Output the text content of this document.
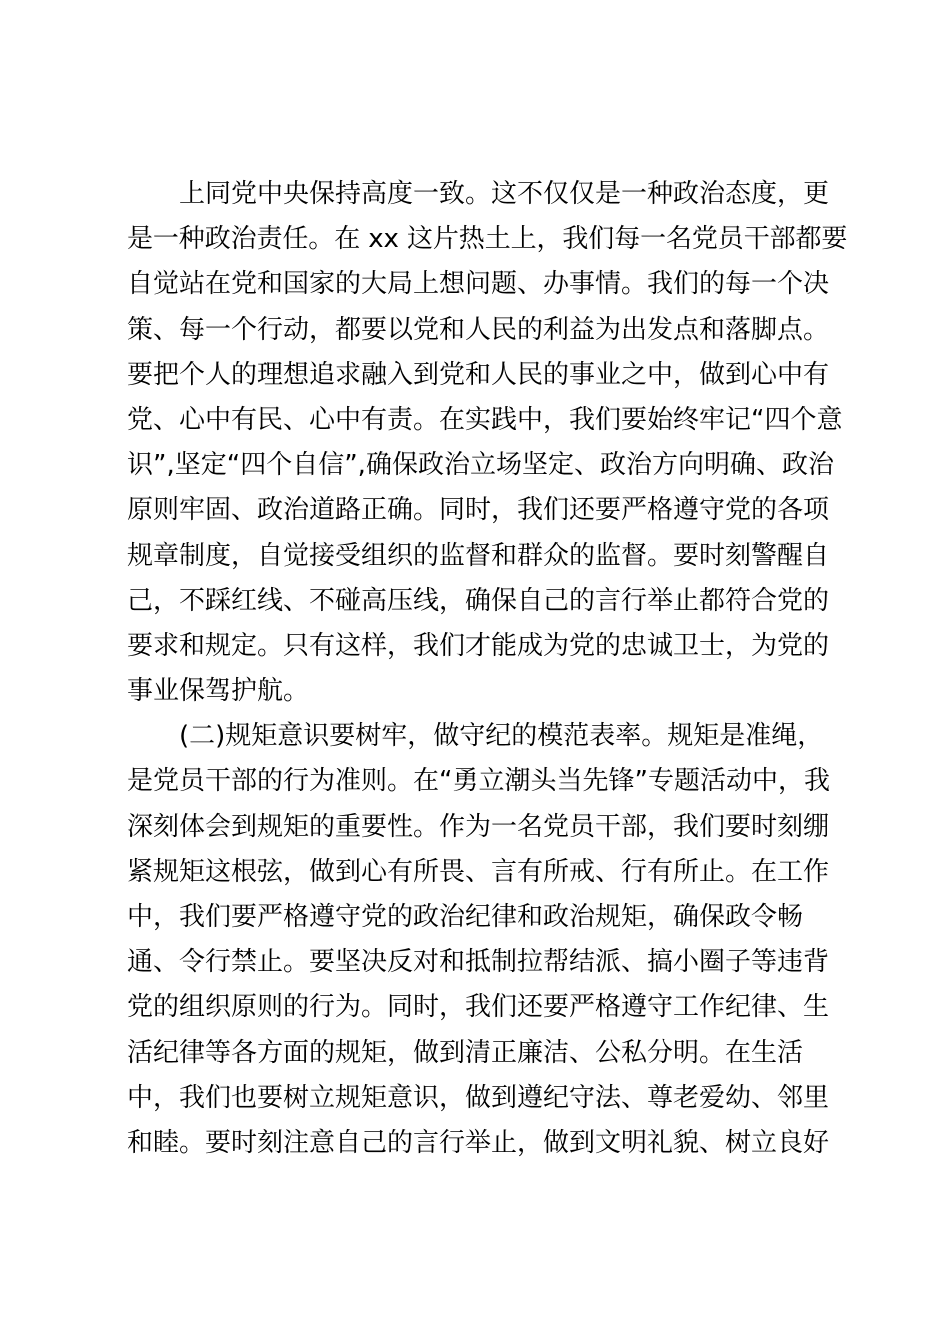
上同党中央保持高度一致。这不仅仅是一种政治态度，更
是一种政治责任。在 xx 这片热土上，我们每一名党员干部都要
自觉站在党和国家的大局上想问题、办事情。我们的每一个决
策、每一个行动，都要以党和人民的利益为出发点和落脚点。
要把个人的理想追求融入到党和人民的事业之中，做到心中有
党、心中有民、心中有责。在实践中，我们要始终牢记“四个意
识”,坚定“四个自信”,确保政治立场坚定、政治方向明确、政治
原则牢固、政治道路正确。同时，我们还要严格遵守党的各项
规章制度，自觉接受组织的监督和群众的监督。要时刻警醒自
己，不踩红线、不碰高压线，确保自己的言行举止都符合党的
要求和规定。只有这样，我们才能成为党的忠诚卫士，为党的
事业保驾护航。
(二)规矩意识要树牢，做守纪的模范表率。规矩是准绳，
是党员干部的行为准则。在“勇立潮头当先锋”专题活动中，我
深刻体会到规矩的重要性。作为一名党员干部，我们要时刻绷
紧规矩这根弦，做到心有所畏、言有所戒、行有所止。在工作
中，我们要严格遵守党的政治纪律和政治规矩，确保政令畅
通、令行禁止。要坚决反对和抵制拉帮结派、搞小圈子等违背
党的组织原则的行为。同时，我们还要严格遵守工作纪律、生
活纪律等各方面的规矩，做到清正廉洁、公私分明。在生活
中，我们也要树立规矩意识，做到遵纪守法、尊老爱幼、邻里
和睦。要时刻注意自己的言行举止，做到文明礼貌、树立良好
